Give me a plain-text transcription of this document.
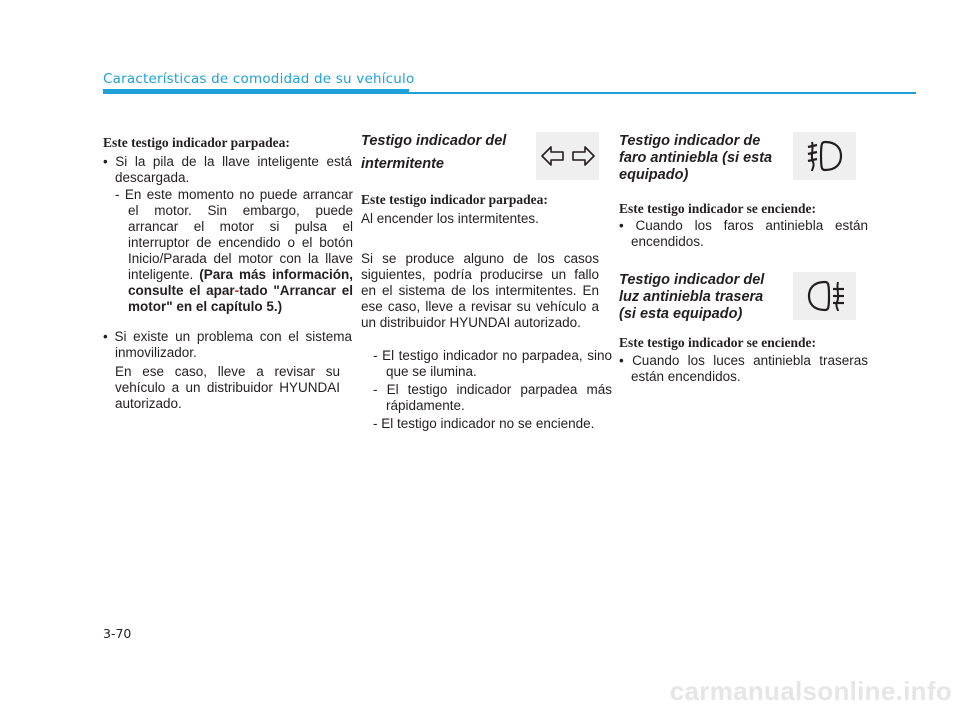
Características de comodidad de su vehículo
Este testigo indicador parpadea:
• Si la pila de la llave inteligente está descargada.
- En este momento no puede arrancar el motor. Sin embargo, puede arrancar el motor si pulsa el interruptor de encendido o el botón Inicio/Parada del motor con la llave inteligente. (Para más información, consulte el apar-tado "Arrancar el motor" en el capítulo 5.)
• Si existe un problema con el sistema inmovilizador.
En ese caso, lleve a revisar su vehículo a un distribuidor HYUNDAI autorizado.
Testigo indicador del
intermitente
Este testigo indicador parpadea:
Al encender los intermitentes.
Si se produce alguno de los casos siguientes, podría producirse un fallo en el sistema de los intermitentes. En ese caso, lleve a revisar su vehículo a un distribuidor HYUNDAI autorizado.
- El testigo indicador no parpadea, sino que se ilumina.
- El testigo indicador parpadea más rápidamente.
- El testigo indicador no se enciende.
Testigo indicador de faro antiniebla (si esta equipado)
Este testigo indicador se enciende:
• Cuando los faros antiniebla están encendidos.
Testigo indicador del luz antiniebla trasera (si esta equipado)
Este testigo indicador se enciende:
• Cuando los luces antiniebla traseras están encendidos.
3-70
carmanualsonline.info
